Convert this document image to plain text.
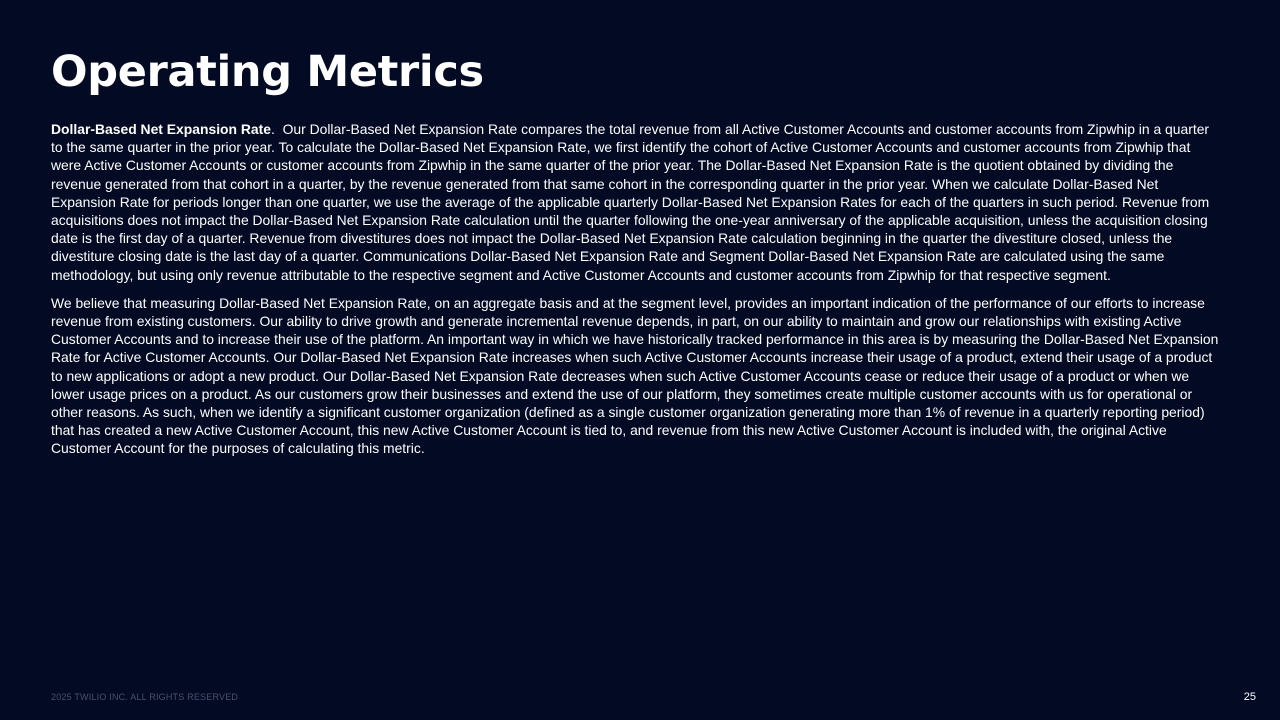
Operating Metrics

Dollar-Based Net Expansion Rate.  Our Dollar-Based Net Expansion Rate compares the total revenue from all Active Customer Accounts and customer accounts from Zipwhip in a quarter to the same quarter in the prior year. To calculate the Dollar-Based Net Expansion Rate, we first identify the cohort of Active Customer Accounts and customer accounts from Zipwhip that were Active Customer Accounts or customer accounts from Zipwhip in the same quarter of the prior year. The Dollar-Based Net Expansion Rate is the quotient obtained by dividing the revenue generated from that cohort in a quarter, by the revenue generated from that same cohort in the corresponding quarter in the prior year. When we calculate Dollar-Based Net Expansion Rate for periods longer than one quarter, we use the average of the applicable quarterly Dollar-Based Net Expansion Rates for each of the quarters in such period. Revenue from acquisitions does not impact the Dollar-Based Net Expansion Rate calculation until the quarter following the one-year anniversary of the applicable acquisition, unless the acquisition closing date is the first day of a quarter. Revenue from divestitures does not impact the Dollar-Based Net Expansion Rate calculation beginning in the quarter the divestiture closed, unless the divestiture closing date is the last day of a quarter. Communications Dollar-Based Net Expansion Rate and Segment Dollar-Based Net Expansion Rate are calculated using the same methodology, but using only revenue attributable to the respective segment and Active Customer Accounts and customer accounts from Zipwhip for that respective segment.

We believe that measuring Dollar-Based Net Expansion Rate, on an aggregate basis and at the segment level, provides an important indication of the performance of our efforts to increase revenue from existing customers. Our ability to drive growth and generate incremental revenue depends, in part, on our ability to maintain and grow our relationships with existing Active Customer Accounts and to increase their use of the platform. An important way in which we have historically tracked performance in this area is by measuring the Dollar-Based Net Expansion Rate for Active Customer Accounts. Our Dollar-Based Net Expansion Rate increases when such Active Customer Accounts increase their usage of a product, extend their usage of a product to new applications or adopt a new product. Our Dollar-Based Net Expansion Rate decreases when such Active Customer Accounts cease or reduce their usage of a product or when we lower usage prices on a product. As our customers grow their businesses and extend the use of our platform, they sometimes create multiple customer accounts with us for operational or other reasons. As such, when we identify a significant customer organization (defined as a single customer organization generating more than 1% of revenue in a quarterly reporting period) that has created a new Active Customer Account, this new Active Customer Account is tied to, and revenue from this new Active Customer Account is included with, the original Active Customer Account for the purposes of calculating this metric.

2025 TWILIO INC. ALL RIGHTS RESERVED	25
